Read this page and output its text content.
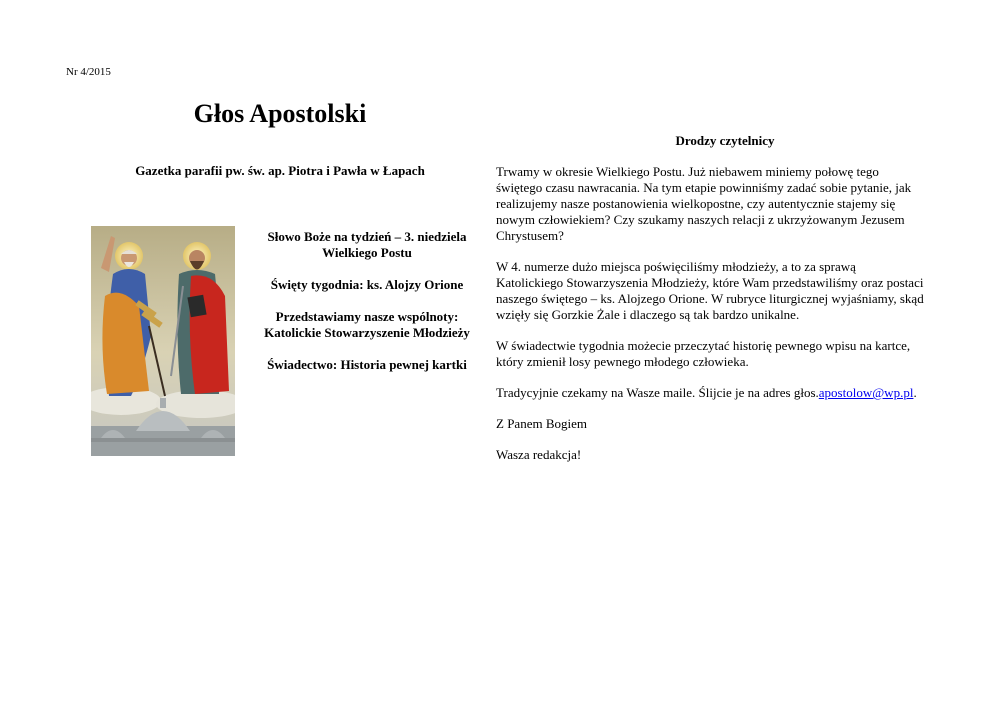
Nr 4/2015
Głos Apostolski
Gazetka parafii pw. św. ap. Piotra i Pawła w Łapach
Słowo Boże na tydzień – 3. niedziela Wielkiego Postu
Święty tygodnia: ks. Alojzy Orione
Przedstawiamy nasze wspólnoty: Katolickie Stowarzyszenie Młodzieży
Świadectwo: Historia pewnej kartki
Drodzy czytelnicy

Trwamy w okresie Wielkiego Postu. Już niebawem miniemy połowę tego świętego czasu nawracania. Na tym etapie powinniśmy zadać sobie pytanie, jak realizujemy nasze postanowienia wielkopostne, czy autentycznie stajemy się nowym człowiekiem? Czy szukamy naszych relacji z ukrzyżowanym Jezusem Chrystusem?

W 4. numerze dużo miejsca poświęciliśmy młodzieży, a to za sprawą Katolickiego Stowarzyszenia Młodzieży, które Wam przedstawiliśmy oraz postaci naszego świętego – ks. Alojzego Orione. W rubryce liturgicznej wyjaśniamy, skąd wzięły się Gorzkie Żale i dlaczego są tak bardzo unikalne.

W świadectwie tygodnia możecie przeczytać historię pewnego wpisu na kartce, który zmienił losy pewnego młodego człowieka.

Tradycyjnie czekamy na Wasze maile. Ślijcie je na adres głos.apostolow@wp.pl.

Z Panem Bogiem

Wasza redakcja!
